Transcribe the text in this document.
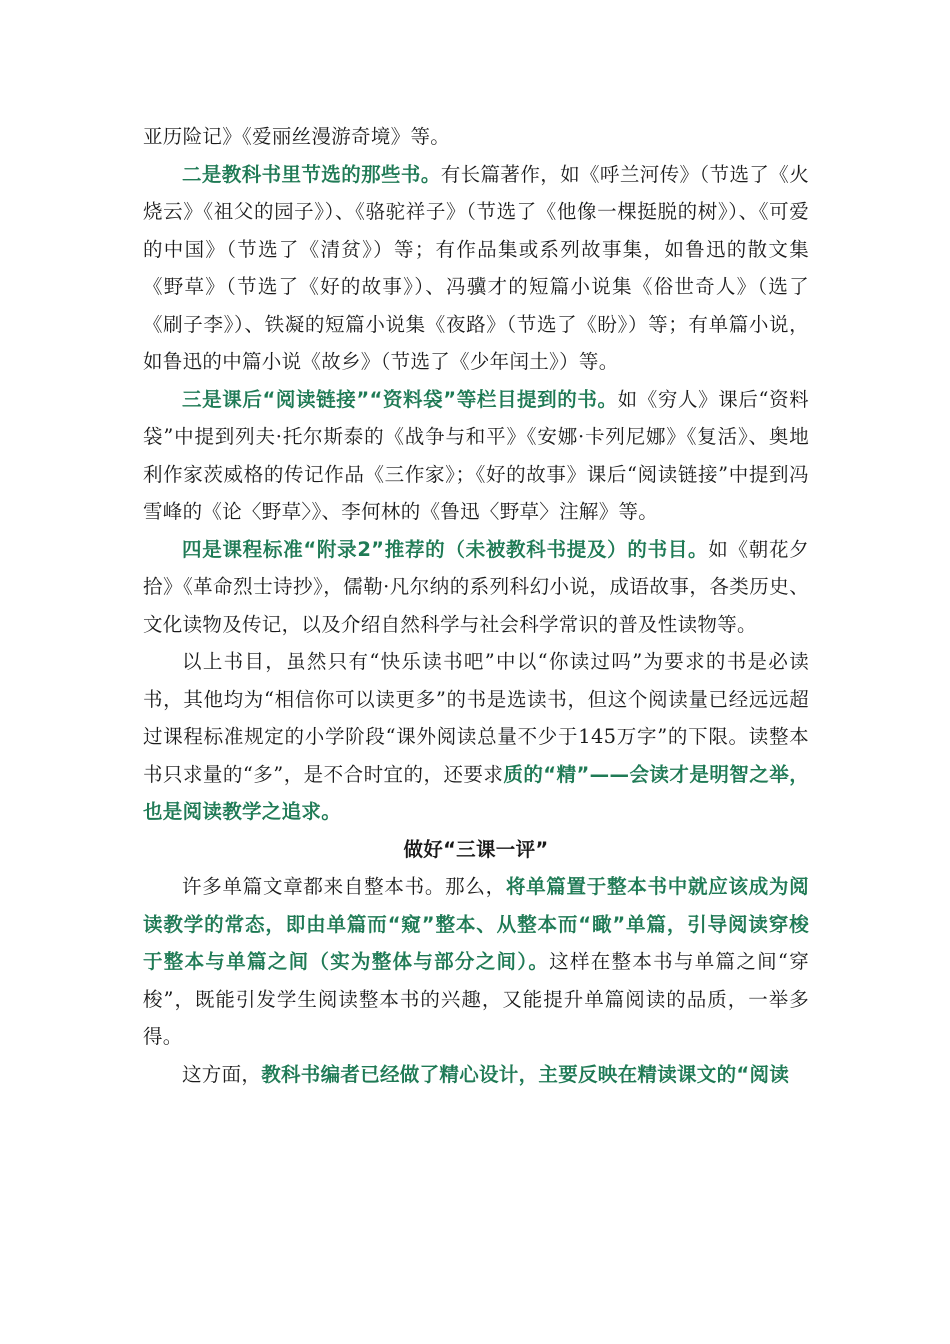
亚历险记》《爱丽丝漫游奇境》等。

二是教科书里节选的那些书。有长篇著作，如《呼兰河传》（节选了《火烧云》《祖父的园子》）、《骆驼祥子》（节选了《他像一棵挺脱的树》）、《可爱的中国》（节选了《清贫》）等；有作品集或系列故事集，如鲁迅的散文集《野草》（节选了《好的故事》）、冯骥才的短篇小说集《俗世奇人》（选了《刷子李》）、铁凝的短篇小说集《夜路》（节选了《盼》）等；有单篇小说，如鲁迅的中篇小说《故乡》（节选了《少年闰土》）等。

三是课后“阅读链接”“资料袋”等栏目提到的书。如《穷人》课后“资料袋”中提到列夫·托尔斯泰的《战争与和平》《安娜·卡列尼娜》《复活》、奥地利作家茨威格的传记作品《三作家》；《好的故事》课后“阅读链接”中提到冯雪峰的《论〈野草〉》、李何林的《鲁迅〈野草〉注解》等。

四是课程标准“附录2”推荐的（未被教科书提及）的书目。如《朝花夕拾》《革命烈士诗抄》，儒勒·凡尔纳的系列科幻小说，成语故事，各类历史、文化读物及传记，以及介绍自然科学与社会科学常识的普及性读物等。

以上书目，虽然只有“快乐读书吧”中以“你读过吗”为要求的书是必读书，其他均为“相信你可以读更多”的书是选读书，但这个阅读量已经远远超过课程标准规定的小学阶段“课外阅读总量不少于145万字”的下限。读整本书只求量的“多”，是不合时宜的，还要求质的“精”——会读才是明智之举，也是阅读教学之追求。

做好“三课一评”

许多单篇文章都来自整本书。那么，将单篇置于整本书中就应该成为阅读教学的常态，即由单篇而“窥”整本、从整本而“瞰”单篇，引导阅读穿梭于整本与单篇之间（实为整体与部分之间）。这样在整本书与单篇之间“穿梭”，既能引发学生阅读整本书的兴趣，又能提升单篇阅读的品质，一举多得。

这方面，教科书编者已经做了精心设计，主要反映在精读课文的“阅读
